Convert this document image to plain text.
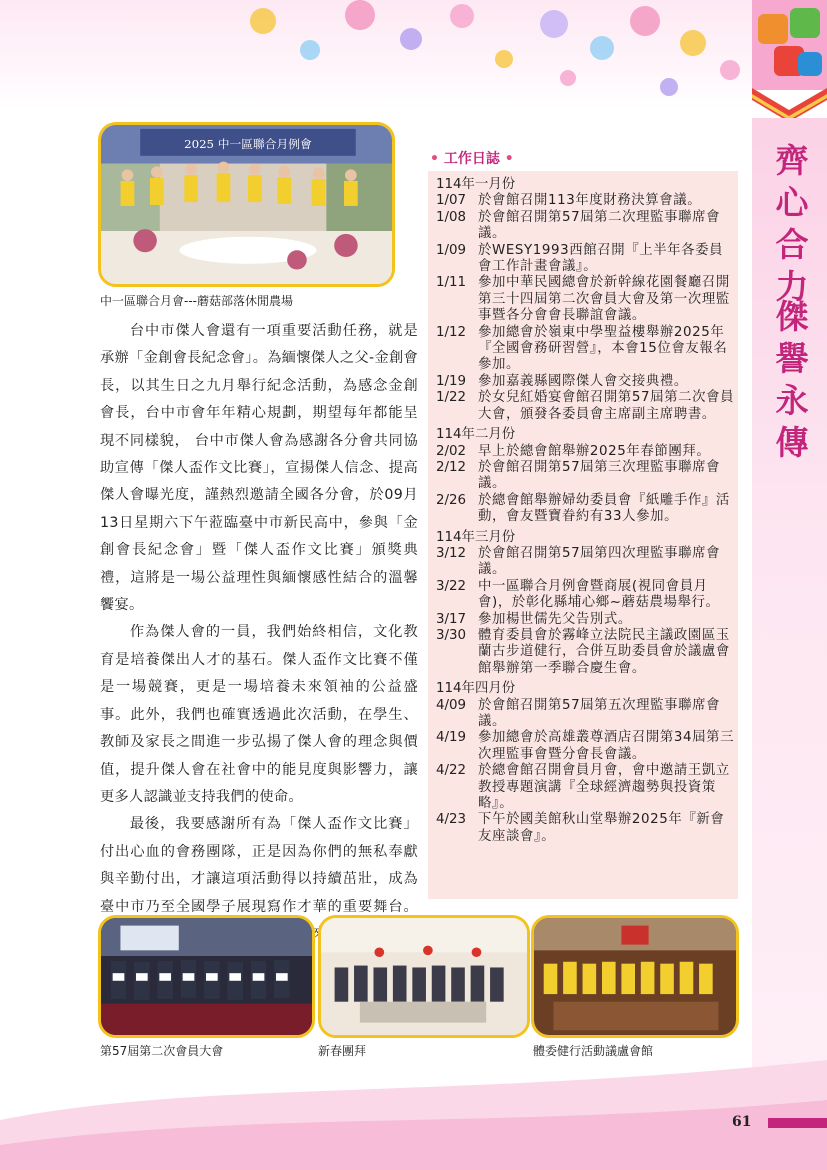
齊心合力
傑譽永傳
2025 中一區聯合月例會
中一區聯合月會---蘑菇部落休閒農場

台中市傑人會還有一項重要活動任務，就是承辦「金創會長紀念會」。為緬懷傑人之父-金創會長，以其生日之九月舉行紀念活動，為感念金創會長，台中市會年年精心規劃，期望每年都能呈現不同樣貌， 台中市傑人會為感謝各分會共同協助宣傳「傑人盃作文比賽」，宣揚傑人信念、提高傑人會曝光度，謹熱烈邀請全國各分會，於09月13日星期六下午蒞臨臺中市新民高中，參與「金創會長紀念會」暨「傑人盃作文比賽」頒獎典禮，這將是一場公益理性與緬懷感性結合的溫馨饗宴。

作為傑人會的一員，我們始終相信，文化教育是培養傑出人才的基石。傑人盃作文比賽不僅是一場競賽，更是一場培養未來領袖的公益盛事。此外，我們也確實透過此次活動，在學生、教師及家長之間進一步弘揚了傑人會的理念與價值，提升傑人會在社會中的能見度與影響力，讓更多人認識並支持我們的使命。

最後，我要感謝所有為「傑人盃作文比賽」付出心血的會務團隊，正是因為你們的無私奉獻與辛勤付出，才讓這項活動得以持續茁壯，成為臺中市乃至全國學子展現寫作才華的重要舞台。 未來

• 工作日誌 •
114年一月份
1/07 於會館召開113年度財務決算會議。
1/08 於會館召開第57屆第二次理監事聯席會議。
1/09 於WESY1993西館召開『上半年各委員會工作計畫會議』。
1/11 參加中華民國總會於新幹線花園餐廳召開第三十四屆第二次會員大會及第一次理監事暨各分會會長聯誼會議。
1/12 參加總會於嶺東中學聖益樓舉辦2025年『全國會務研習營』，本會15位會友報名參加。
1/19 參加嘉義縣國際傑人會交接典禮。
1/22 於女兒紅婚宴會館召開第57屆第二次會員大會，頒發各委員會主席副主席聘書。
114年二月份
2/02 早上於總會館舉辦2025年春節團拜。
2/12 於會館召開第57屆第三次理監事聯席會議。
2/26 於總會館舉辦婦幼委員會『紙雕手作』活動，會友暨寶眷約有33人參加。
114年三月份
3/12 於會館召開第57屆第四次理監事聯席會議。
3/22 中一區聯合月例會暨商展(視同會員月會)，於彰化縣埔心鄉~蘑菇農場舉行。
3/17 參加楊世儒先父告別式。
3/30 體育委員會於霧峰立法院民主議政園區玉蘭古步道健行，合併互助委員會於議盧會館舉辦第一季聯合慶生會。
114年四月份
4/09 於會館召開第57屆第五次理監事聯席會議。
4/19 參加總會於高雄叢尊酒店召開第34屆第三次理監事會暨分會長會議。
4/22 於總會館召開會員月會，會中邀請王凱立教授專題演講『全球經濟趨勢與投資策略』。
4/23 下午於國美館秋山堂舉辦2025年『新會友座談會』。
第57屆第二次會員大會	新春團拜	體委健行活動議盧會館
61
